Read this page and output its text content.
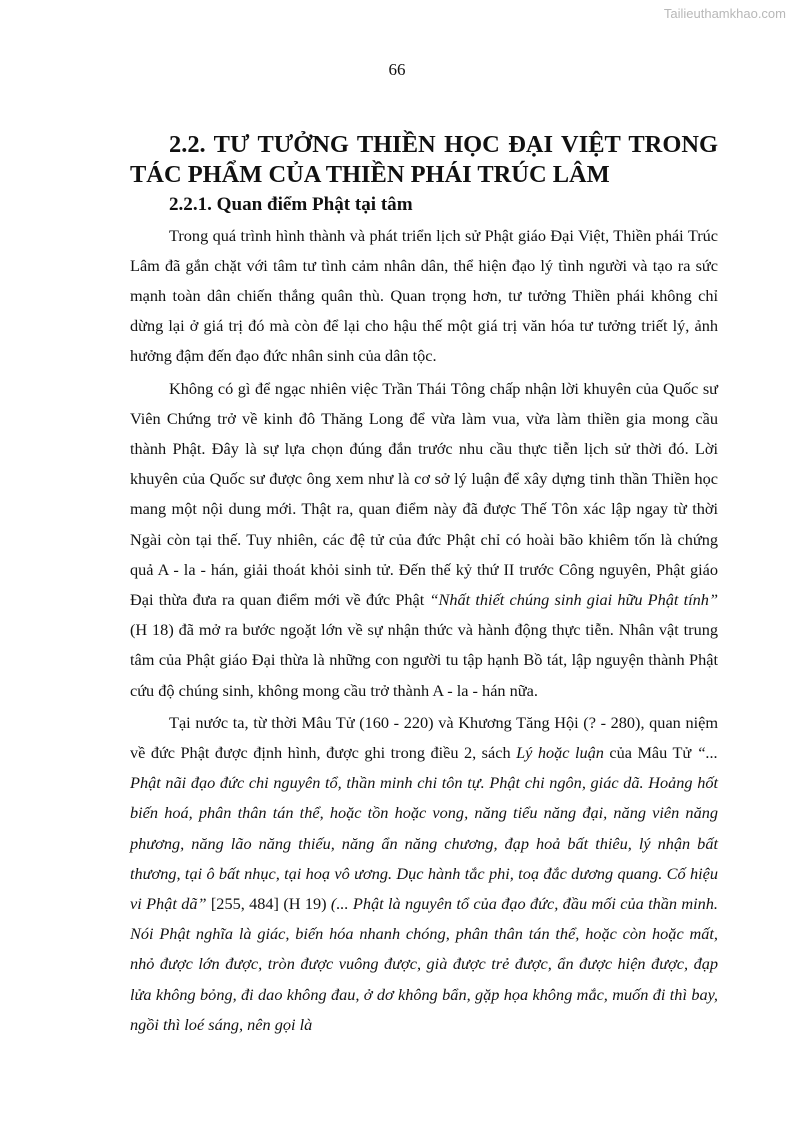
Tailieuthamkhao.com
66
2.2. TƯ TƯỞNG THIỀN HỌC ĐẠI VIỆT TRONG TÁC PHẨM CỦA THIỀN PHÁI TRÚC LÂM
2.2.1. Quan điểm Phật tại tâm

Trong quá trình hình thành và phát triển lịch sử Phật giáo Đại Việt, Thiền phái Trúc Lâm đã gắn chặt với tâm tư tình cảm nhân dân, thể hiện đạo lý tình người và tạo ra sức mạnh toàn dân chiến thắng quân thù. Quan trọng hơn, tư tưởng Thiền phái không chỉ dừng lại ở giá trị đó mà còn để lại cho hậu thế một giá trị văn hóa tư tưởng triết lý, ảnh hưởng đậm đến đạo đức nhân sinh của dân tộc.

Không có gì để ngạc nhiên việc Trần Thái Tông chấp nhận lời khuyên của Quốc sư Viên Chứng trở về kinh đô Thăng Long để vừa làm vua, vừa làm thiền gia mong cầu thành Phật. Đây là sự lựa chọn đúng đắn trước nhu cầu thực tiễn lịch sử thời đó. Lời khuyên của Quốc sư được ông xem như là cơ sở lý luận để xây dựng tinh thần Thiền học mang một nội dung mới. Thật ra, quan điểm này đã được Thế Tôn xác lập ngay từ thời Ngài còn tại thế. Tuy nhiên, các đệ tử của đức Phật chỉ có hoài bão khiêm tốn là chứng quả A - la - hán, giải thoát khỏi sinh tử. Đến thế kỷ thứ II trước Công nguyên, Phật giáo Đại thừa đưa ra quan điểm mới về đức Phật “Nhất thiết chúng sinh giai hữu Phật tính” (H 18) đã mở ra bước ngoặt lớn về sự nhận thức và hành động thực tiễn. Nhân vật trung tâm của Phật giáo Đại thừa là những con người tu tập hạnh Bồ tát, lập nguyện thành Phật cứu độ chúng sinh, không mong cầu trở thành A - la - hán nữa.

Tại nước ta, từ thời Mâu Tử (160 - 220) và Khương Tăng Hội (? - 280), quan niệm về đức Phật được định hình, được ghi trong điều 2, sách Lý hoặc luận của Mâu Tử “... Phật nãi đạo đức chi nguyên tổ, thần minh chi tôn tự. Phật chi ngôn, giác dã. Hoảng hốt biến hoá, phân thân tán thể, hoặc tồn hoặc vong, năng tiểu năng đại, năng viên năng phương, năng lão năng thiếu, năng ẩn năng chương, đạp hoả bất thiêu, lý nhận bất thương, tại ô bất nhục, tại hoạ vô ương. Dục hành tắc phi, toạ đắc dương quang. Cố hiệu vi Phật dã” [255, 484] (H 19) (... Phật là nguyên tổ của đạo đức, đầu mối của thần minh. Nói Phật nghĩa là giác, biến hóa nhanh chóng, phân thân tán thể, hoặc còn hoặc mất, nhỏ được lớn được, tròn được vuông được, già được trẻ được, ẩn được hiện được, đạp lửa không bỏng, đi dao không đau, ở dơ không bẩn, gặp họa không mắc, muốn đi thì bay, ngồi thì loé sáng, nên gọi là
